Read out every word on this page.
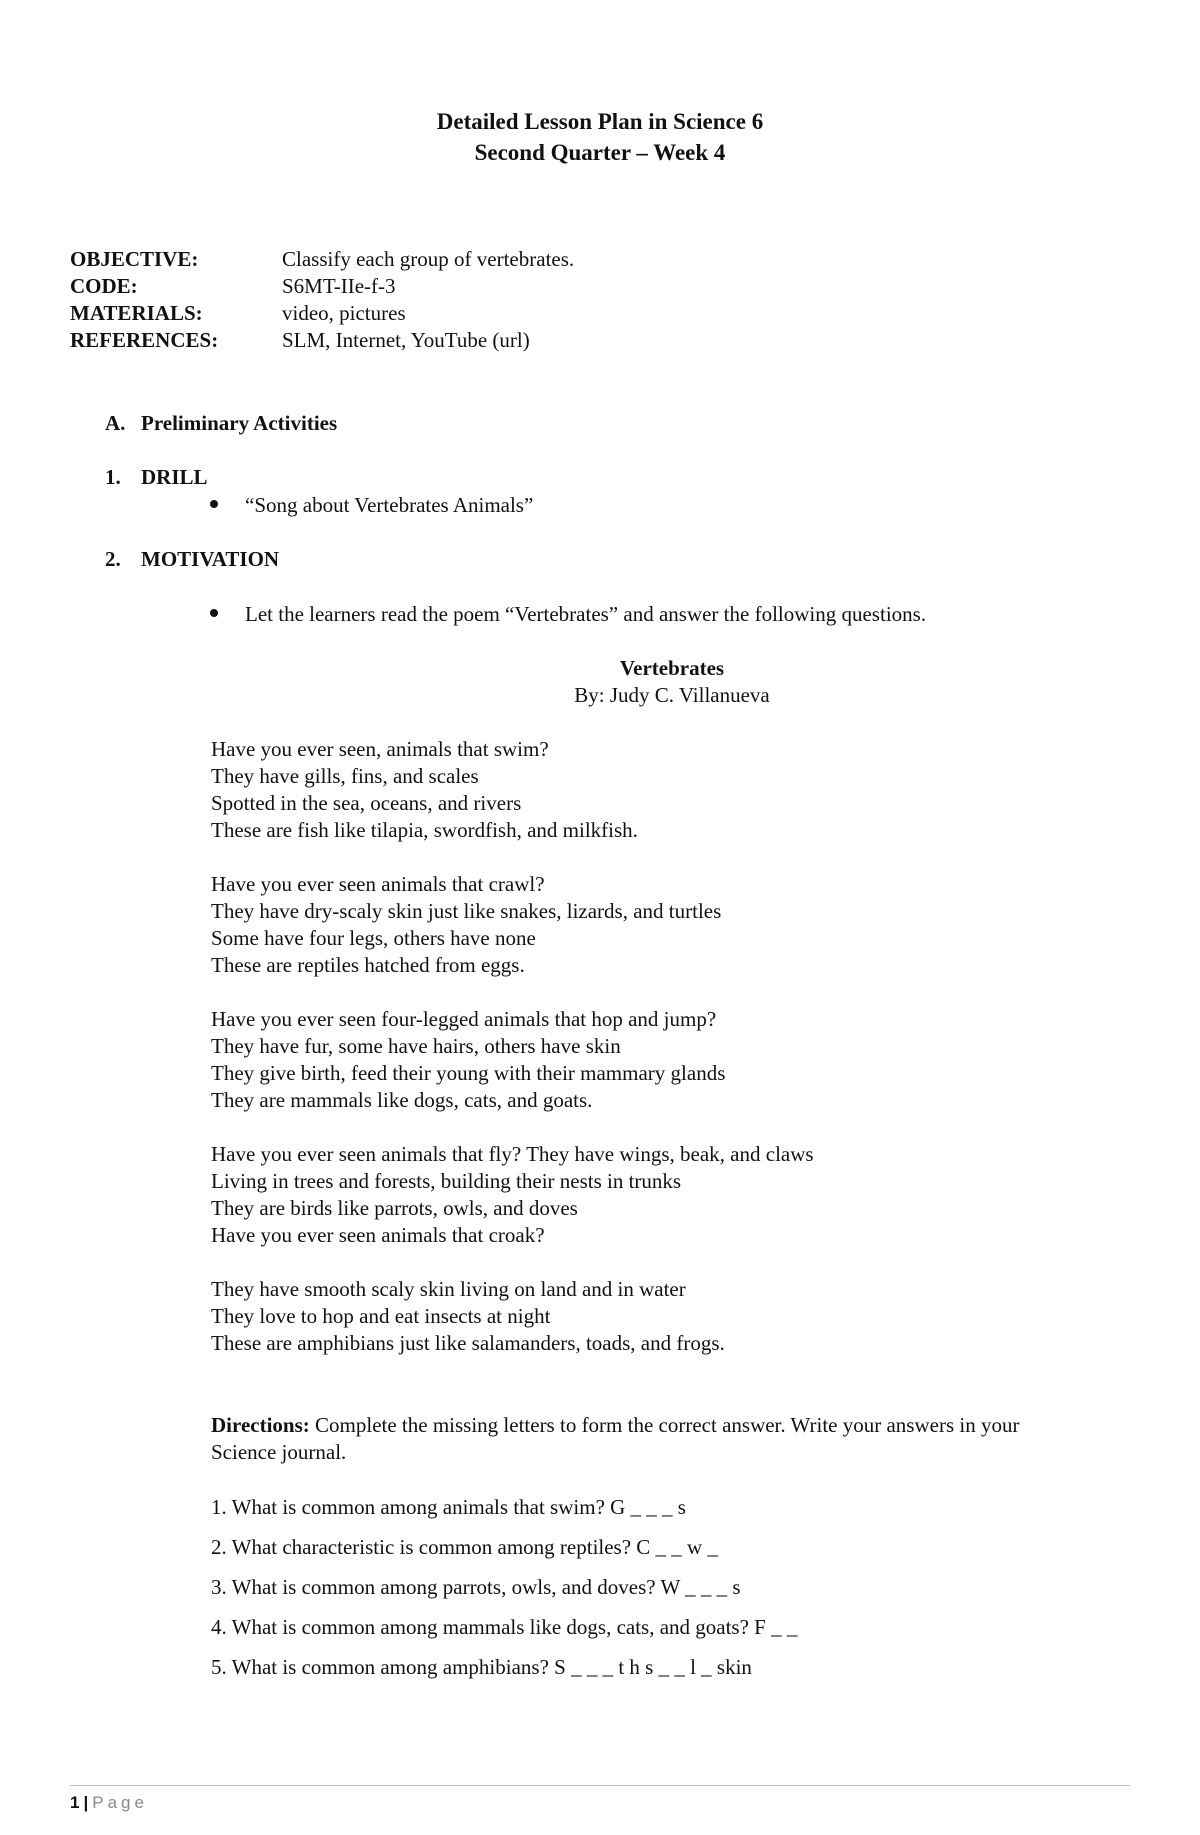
Detailed Lesson Plan in Science 6
Second Quarter – Week 4
OBJECTIVE:	Classify each group of vertebrates.
CODE:	S6MT-IIe-f-3
MATERIALS:	video, pictures
REFERENCES:	SLM, Internet, YouTube (url)
A. Preliminary Activities
1. DRILL
“Song about Vertebrates Animals”
2. MOTIVATION
Let the learners read the poem “Vertebrates” and answer the following questions.
Vertebrates
By: Judy C. Villanueva
Have you ever seen, animals that swim?
They have gills, fins, and scales
Spotted in the sea, oceans, and rivers
These are fish like tilapia, swordfish, and milkfish.
Have you ever seen animals that crawl?
They have dry-scaly skin just like snakes, lizards, and turtles
Some have four legs, others have none
These are reptiles hatched from eggs.
Have you ever seen four-legged animals that hop and jump?
They have fur, some have hairs, others have skin
They give birth, feed their young with their mammary glands
They are mammals like dogs, cats, and goats.
Have you ever seen animals that fly? They have wings, beak, and claws
Living in trees and forests, building their nests in trunks
They are birds like parrots, owls, and doves
Have you ever seen animals that croak?
They have smooth scaly skin living on land and in water
They love to hop and eat insects at night
These are amphibians just like salamanders, toads, and frogs.
Directions: Complete the missing letters to form the correct answer. Write your answers in your
Science journal.
1. What is common among animals that swim? G _ _ _ s
2. What characteristic is common among reptiles? C _ _ w _
3. What is common among parrots, owls, and doves? W _ _ _ s
4. What is common among mammals like dogs, cats, and goats? F _ _
5. What is common among amphibians? S _ _ _ t h s _ _ l _ skin
1 | Page
